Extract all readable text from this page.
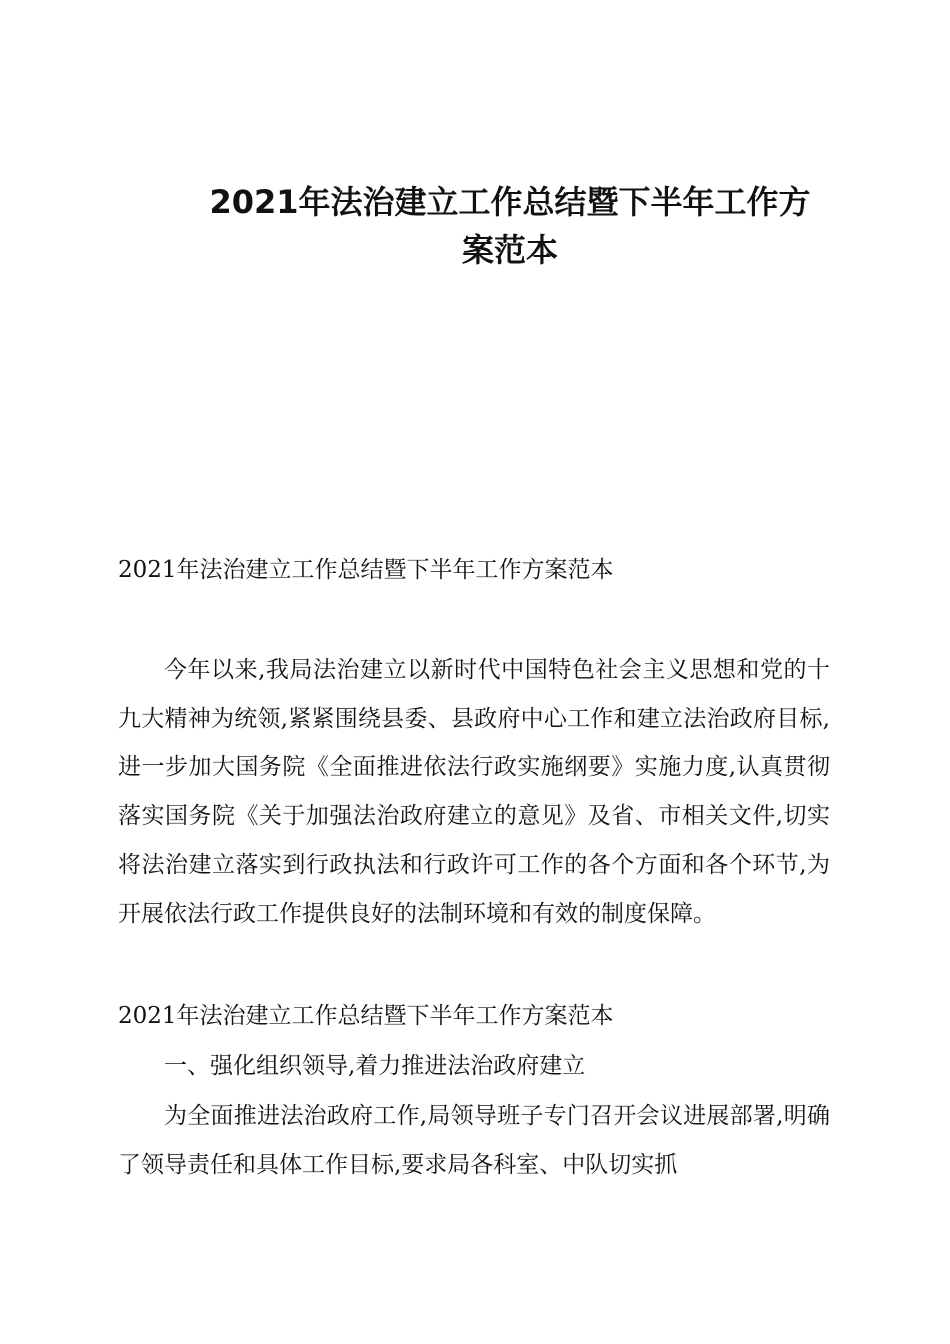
2021年法治建立工作总结暨下半年工作方
案范本
2021年法治建立工作总结暨下半年工作方案范本

今年以来,我局法治建立以新时代中国特色社会主义思想和党的十九大精神为统领,紧紧围绕县委、县政府中心工作和建立法治政府目标,进一步加大国务院《全面推进依法行政实施纲要》实施力度,认真贯彻落实国务院《关于加强法治政府建立的意见》及省、市相关文件,切实将法治建立落实到行政执法和行政许可工作的各个方面和各个环节,为开展依法行政工作提供良好的法制环境和有效的制度保障。

2021年法治建立工作总结暨下半年工作方案范本
一、强化组织领导,着力推进法治政府建立

为全面推进法治政府工作,局领导班子专门召开会议进展部署,明确了领导责任和具体工作目标,要求局各科室、中队切实抓
